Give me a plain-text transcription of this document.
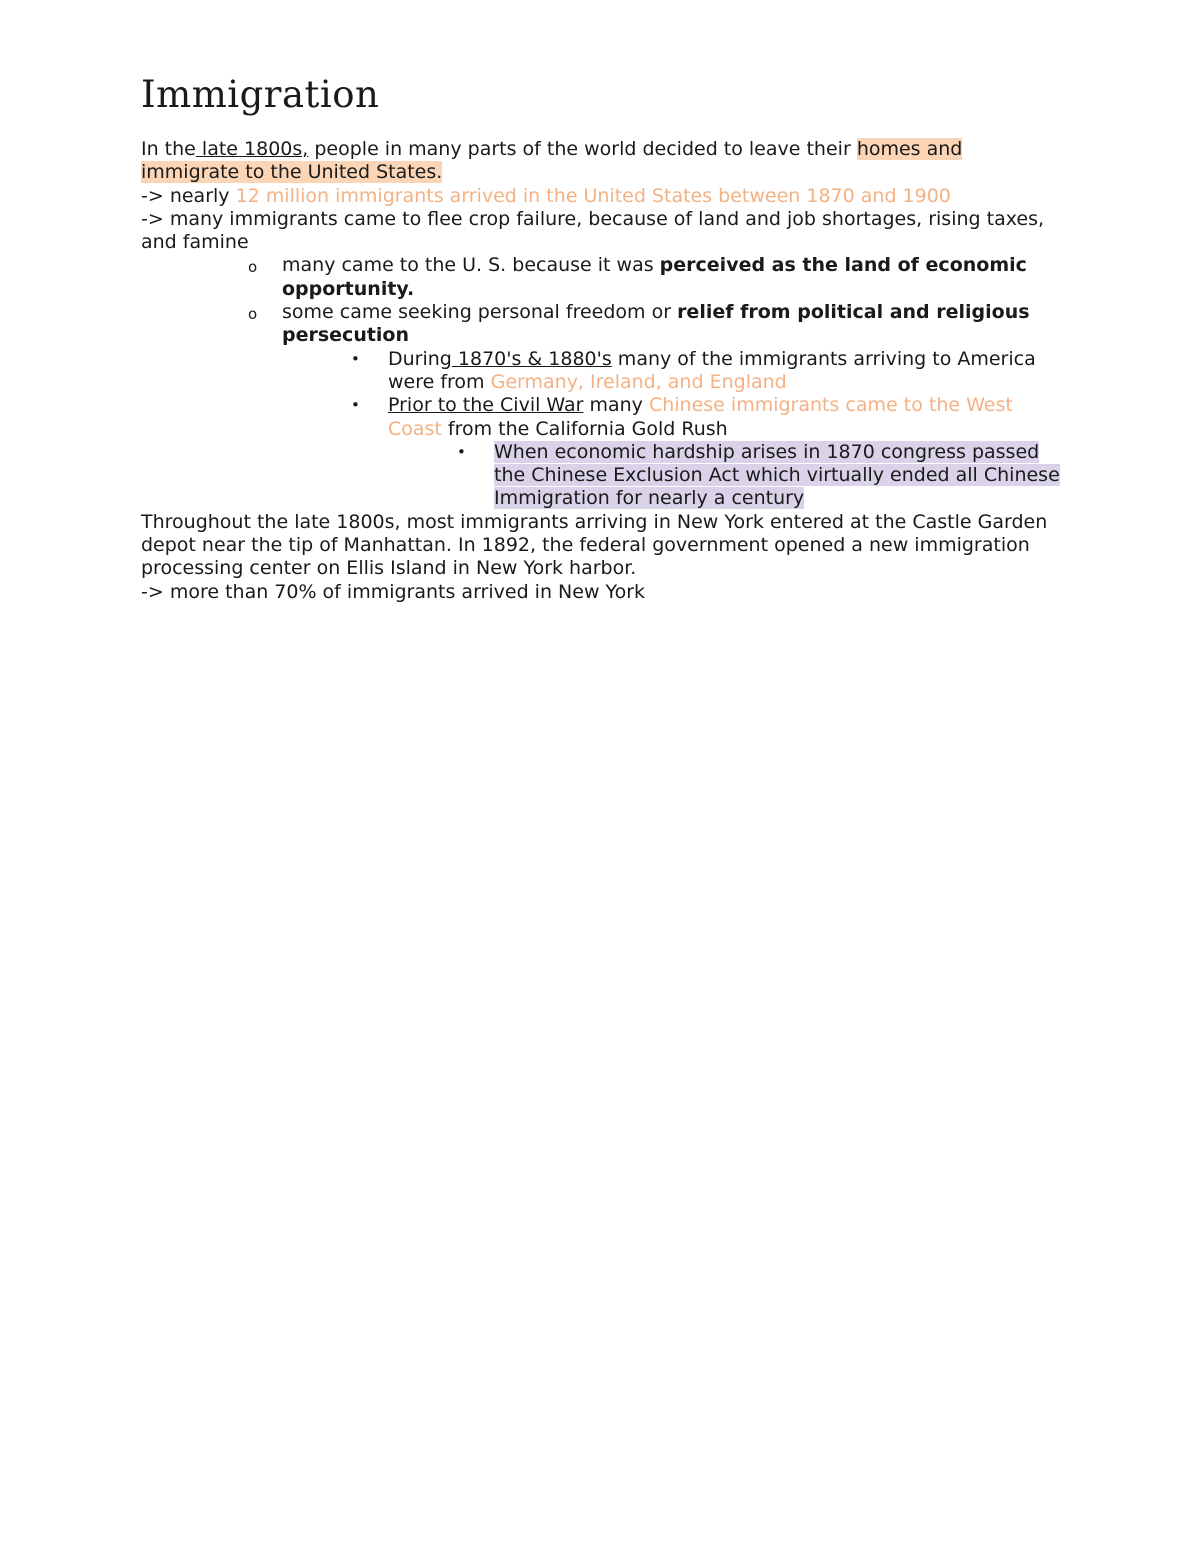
Immigration

In the late 1800s, people in many parts of the world decided to leave their homes and immigrate to the United States.

-> nearly 12 million immigrants arrived in the United States between 1870 and 1900

-> many immigrants came to flee crop failure, because of land and job shortages, rising taxes, and famine

o many came to the U. S. because it was perceived as the land of economic opportunity.
o some came seeking personal freedom or relief from political and religious persecution
• During 1870's & 1880's many of the immigrants arriving to America were from Germany, Ireland, and England
• Prior to the Civil War many Chinese immigrants came to the West Coast from the California Gold Rush
• When economic hardship arises in 1870 congress passed the Chinese Exclusion Act which virtually ended all Chinese Immigration for nearly a century

Throughout the late 1800s, most immigrants arriving in New York entered at the Castle Garden depot near the tip of Manhattan. In 1892, the federal government opened a new immigration processing center on Ellis Island in New York harbor.

-> more than 70% of immigrants arrived in New York
